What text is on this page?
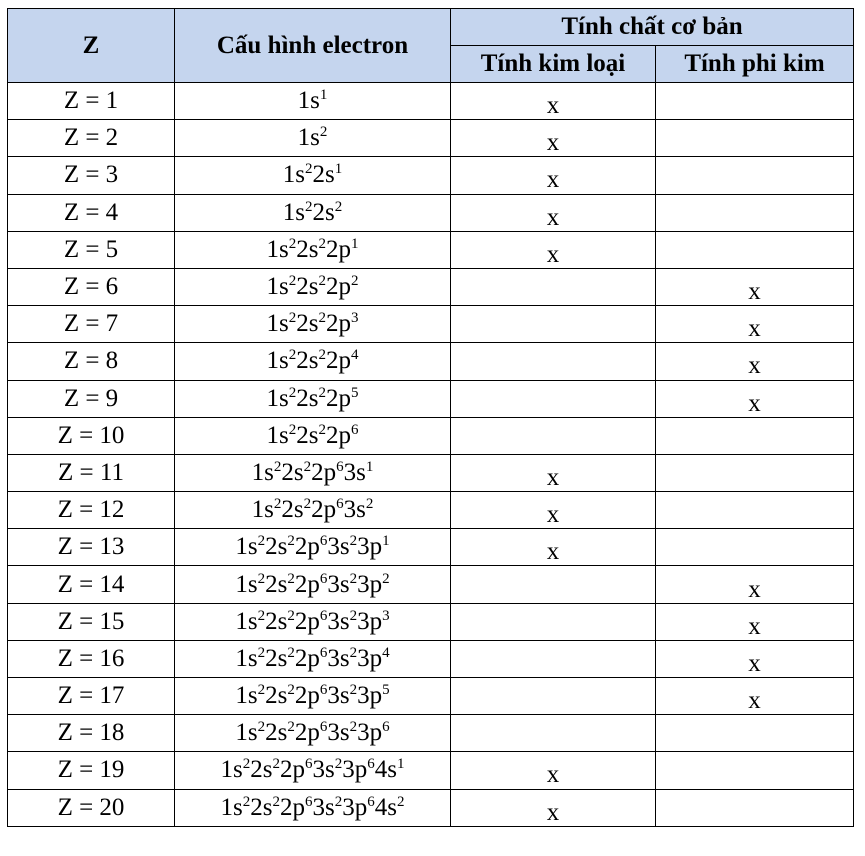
Z	Cấu hình electron	Tính chất cơ bản	
		Tính kim loại	Tính phi kim
Z = 1	$1s^1$	x	
Z = 2	$1s^2$	x	
Z = 3	$1s^22s^1$	x	
Z = 4	$1s^22s^2$	x	
Z = 5	$1s^22s^22p^1$	x	
Z = 6	$1s^22s^22p^2$		x
Z = 7	$1s^22s^22p^3$		x
Z = 8	$1s^22s^22p^4$		x
Z = 9	$1s^22s^22p^5$		x
Z = 10	$1s^22s^22p^6$		
Z = 11	$1s^22s^22p^63s^1$	x	
Z = 12	$1s^22s^22p^63s^2$	x	
Z = 13	$1s^22s^22p^63s^23p^1$	x	
Z = 14	$1s^22s^22p^63s^23p^2$		x
Z = 15	$1s^22s^22p^63s^23p^3$		x
Z = 16	$1s^22s^22p^63s^23p^4$		x
Z = 17	$1s^22s^22p^63s^23p^5$		x
Z = 18	$1s^22s^22p^63s^23p^6$		
Z = 19	$1s^22s^22p^63s^23p^64s^1$	x	
Z = 20	$1s^22s^22p^63s^23p^64s^2$	x	
